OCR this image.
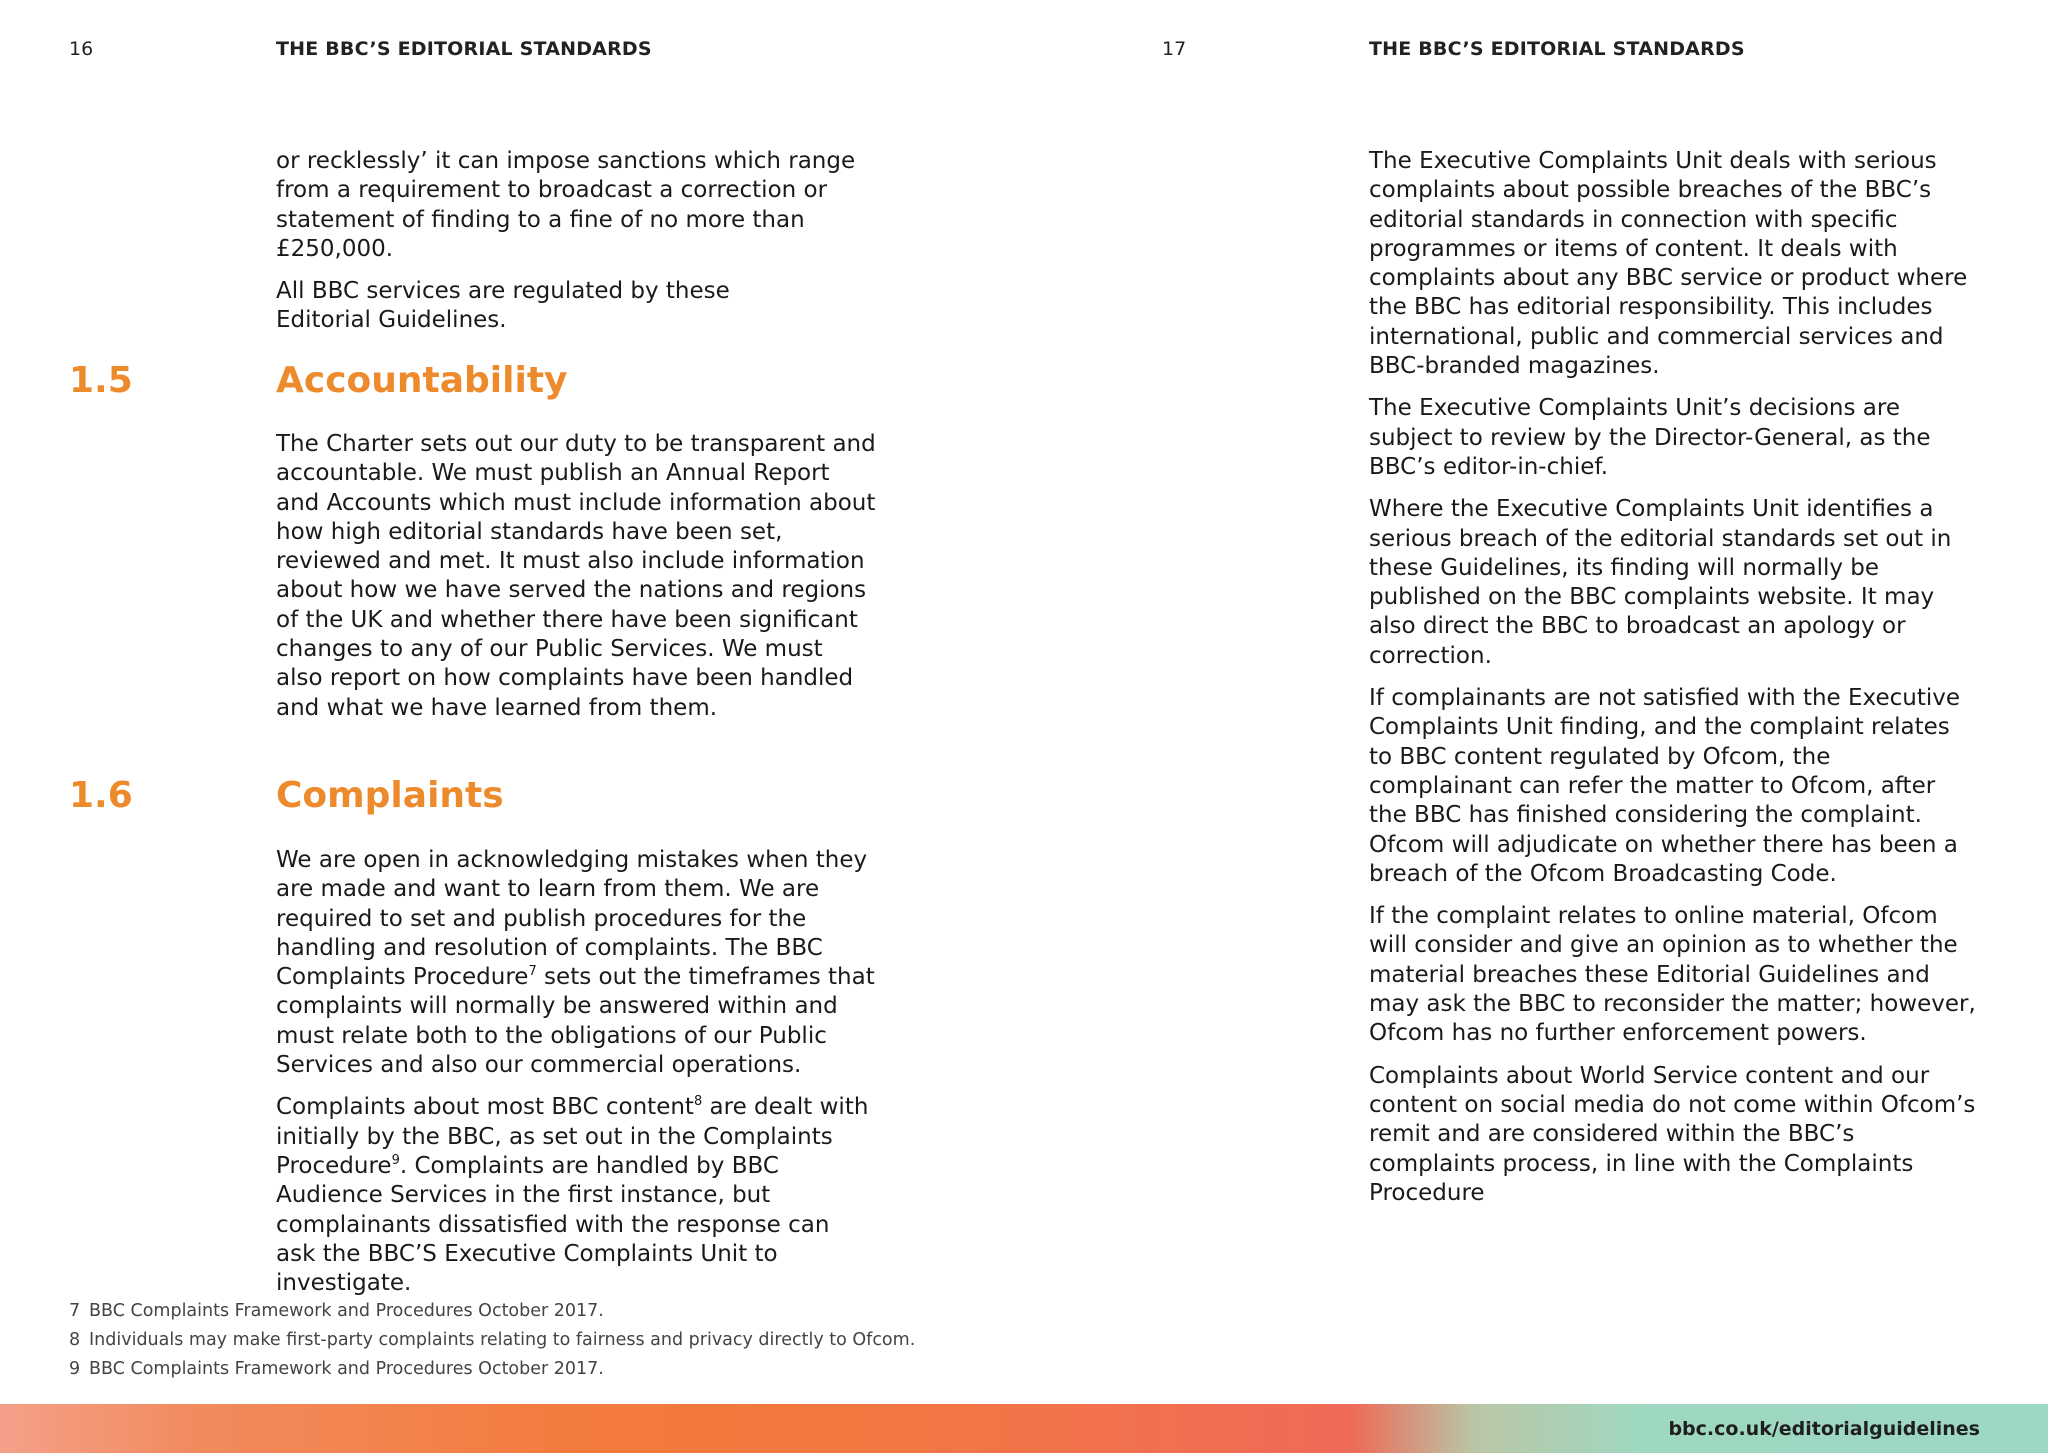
16	THE BBC’S EDITORIAL STANDARDS

or recklessly’ it can impose sanctions which range from a requirement to broadcast a correction or statement of finding to a fine of no more than £250,000.

All BBC services are regulated by these Editorial Guidelines.

1.5	Accountability

The Charter sets out our duty to be transparent and accountable. We must publish an Annual Report and Accounts which must include information about how high editorial standards have been set, reviewed and met. It must also include information about how we have served the nations and regions of the UK and whether there have been significant changes to any of our Public Services. We must also report on how complaints have been handled and what we have learned from them.

1.6	Complaints

We are open in acknowledging mistakes when they are made and want to learn from them. We are required to set and publish procedures for the handling and resolution of complaints. The BBC Complaints Procedure$^7$ sets out the timeframes that complaints will normally be answered within and must relate both to the obligations of our Public Services and also our commercial operations.

Complaints about most BBC content$^8$ are dealt with initially by the BBC, as set out in the Complaints Procedure$^9$. Complaints are handled by BBC Audience Services in the first instance, but complainants dissatisfied with the response can ask the BBC’S Executive Complaints Unit to investigate.

7 BBC Complaints Framework and Procedures October 2017.
8 Individuals may make first-party complaints relating to fairness and privacy directly to Ofcom.
9 BBC Complaints Framework and Procedures October 2017.
17	THE BBC’S EDITORIAL STANDARDS

The Executive Complaints Unit deals with serious complaints about possible breaches of the BBC’s editorial standards in connection with specific programmes or items of content. It deals with complaints about any BBC service or product where the BBC has editorial responsibility. This includes international, public and commercial services and BBC-branded magazines.

The Executive Complaints Unit’s decisions are subject to review by the Director-General, as the BBC’s editor-in-chief.

Where the Executive Complaints Unit identifies a serious breach of the editorial standards set out in these Guidelines, its finding will normally be published on the BBC complaints website. It may also direct the BBC to broadcast an apology or correction.

If complainants are not satisfied with the Executive Complaints Unit finding, and the complaint relates to BBC content regulated by Ofcom, the complainant can refer the matter to Ofcom, after the BBC has finished considering the complaint. Ofcom will adjudicate on whether there has been a breach of the Ofcom Broadcasting Code.

If the complaint relates to online material, Ofcom will consider and give an opinion as to whether the material breaches these Editorial Guidelines and may ask the BBC to reconsider the matter; however, Ofcom has no further enforcement powers.

Complaints about World Service content and our content on social media do not come within Ofcom’s remit and are considered within the BBC’s complaints process, in line with the Complaints Procedure

bbc.co.uk/editorialguidelines
